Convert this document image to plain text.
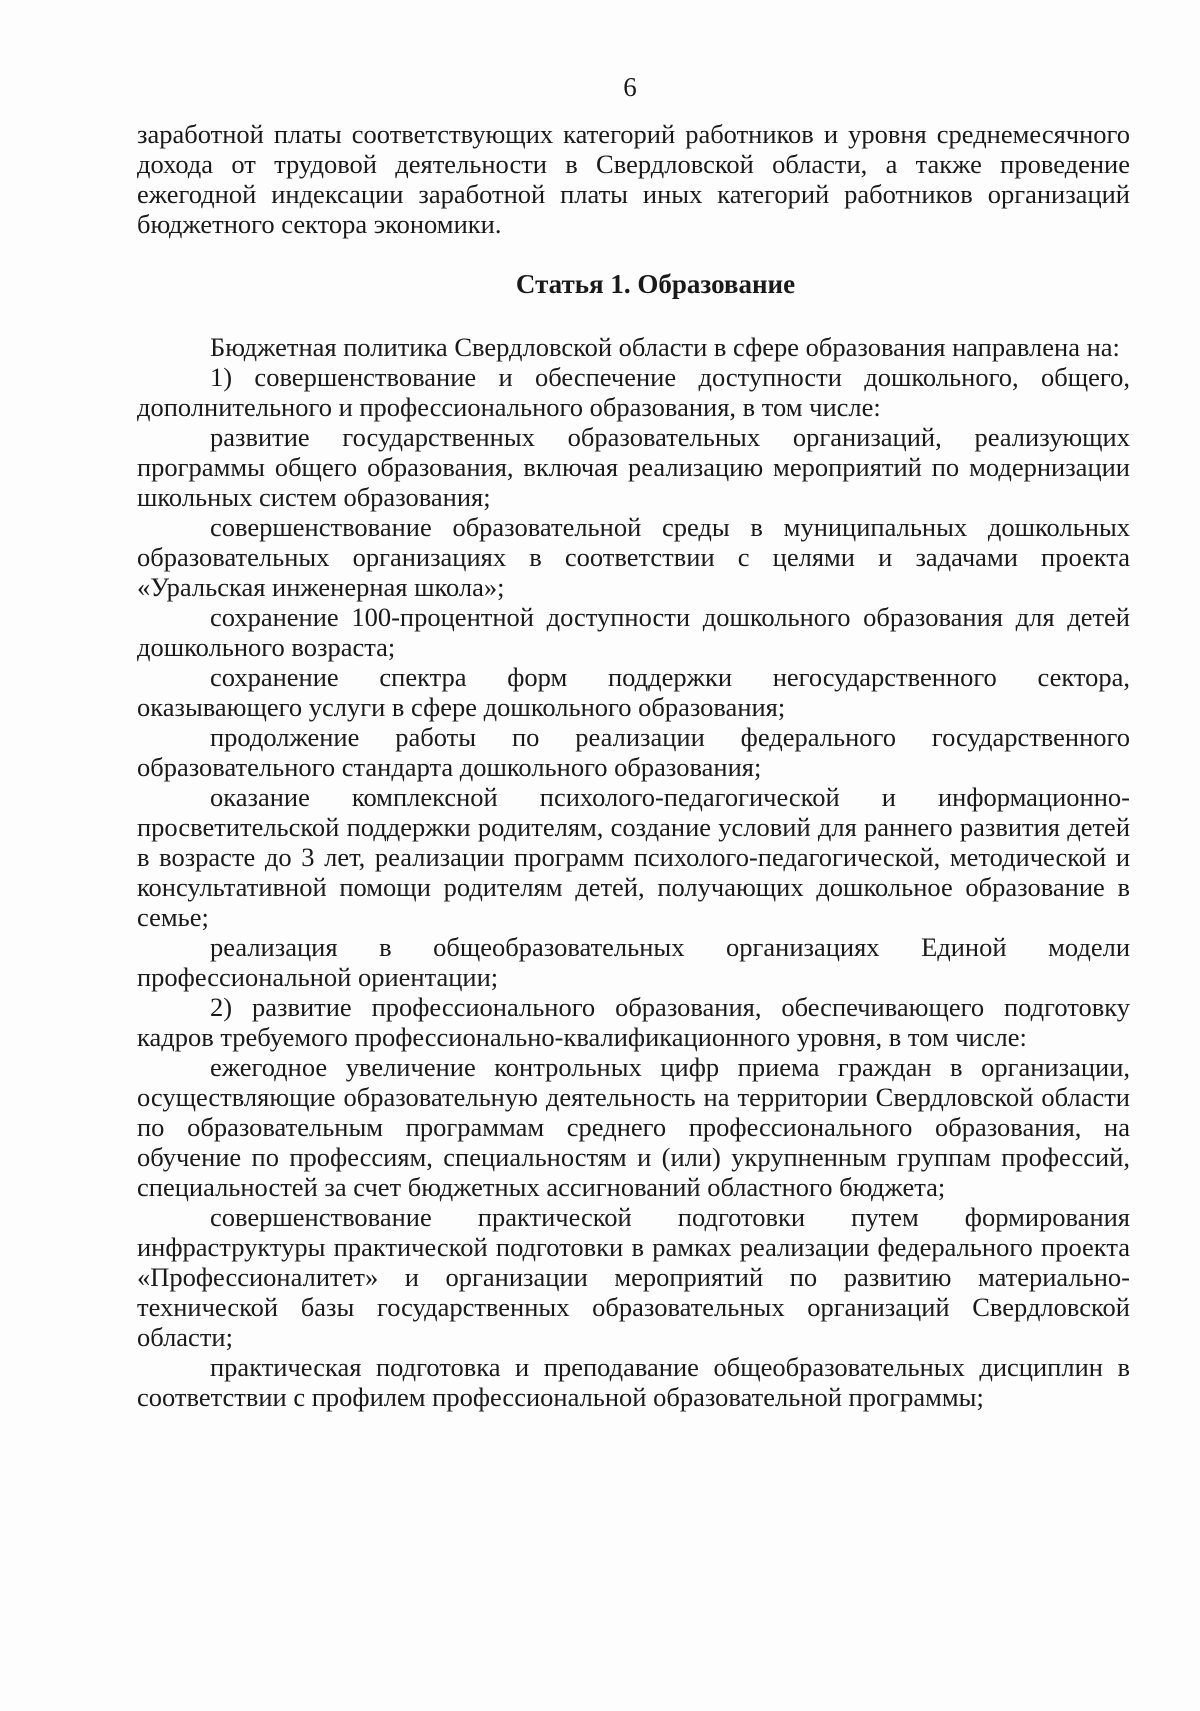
6

заработной платы соответствующих категорий работников и уровня среднемесячного дохода от трудовой деятельности в Свердловской области, а также проведение ежегодной индексации заработной платы иных категорий работников организаций бюджетного сектора экономики.

Статья 1. Образование

Бюджетная политика Свердловской области в сфере образования направлена на:

1) совершенствование и обеспечение доступности дошкольного, общего, дополнительного и профессионального образования, в том числе:

развитие государственных образовательных организаций, реализующих программы общего образования, включая реализацию мероприятий по модернизации школьных систем образования;

совершенствование образовательной среды в муниципальных дошкольных образовательных организациях в соответствии с целями и задачами проекта «Уральская инженерная школа»;

сохранение 100-процентной доступности дошкольного образования для детей дошкольного возраста;

сохранение спектра форм поддержки негосударственного сектора, оказывающего услуги в сфере дошкольного образования;

продолжение работы по реализации федерального государственного образовательного стандарта дошкольного образования;

оказание комплексной психолого-педагогической и информационно-просветительской поддержки родителям, создание условий для раннего развития детей в возрасте до 3 лет, реализации программ психолого-педагогической, методической и консультативной помощи родителям детей, получающих дошкольное образование в семье;

реализация в общеобразовательных организациях Единой модели профессиональной ориентации;

2) развитие профессионального образования, обеспечивающего подготовку кадров требуемого профессионально-квалификационного уровня, в том числе:

ежегодное увеличение контрольных цифр приема граждан в организации, осуществляющие образовательную деятельность на территории Свердловской области по образовательным программам среднего профессионального образования, на обучение по профессиям, специальностям и (или) укрупненным группам профессий, специальностей за счет бюджетных ассигнований областного бюджета;

совершенствование практической подготовки путем формирования инфраструктуры практической подготовки в рамках реализации федерального проекта «Профессионалитет» и организации мероприятий по развитию материально-технической базы государственных образовательных организаций Свердловской области;

практическая подготовка и преподавание общеобразовательных дисциплин в соответствии с профилем профессиональной образовательной программы;
